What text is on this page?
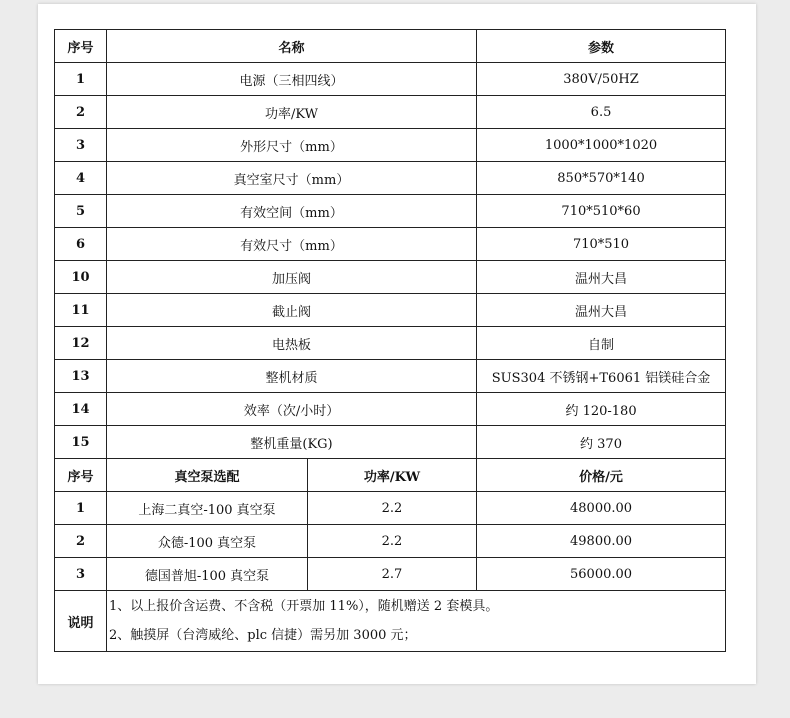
序号	名称		参数
1	电源（三相四线）		380V/50HZ
2	功率/KW		6.5
3	外形尺寸（mm）		1000*1000*1020
4	真空室尺寸（mm）		850*570*140
5	有效空间（mm）		710*510*60
6	有效尺寸（mm）		710*510
10	加压阀		温州大昌
11	截止阀		温州大昌
12	电热板		自制
13	整机材质		SUS304 不锈钢+T6061 铝镁硅合金
14	效率（次/小时）		约 120-180
15	整机重量(KG)		约 370
序号	真空泵选配	功率/KW	价格/元
1	上海二真空-100 真空泵	2.2	48000.00
2	众德-100 真空泵	2.2	49800.00
3	德国普旭-100 真空泵	2.7	56000.00
说明	1、以上报价含运费、不含税（开票加 11%），随机赠送 2 套模具。
2、触摸屏（台湾威纶、plc 信捷）需另加 3000 元；		
